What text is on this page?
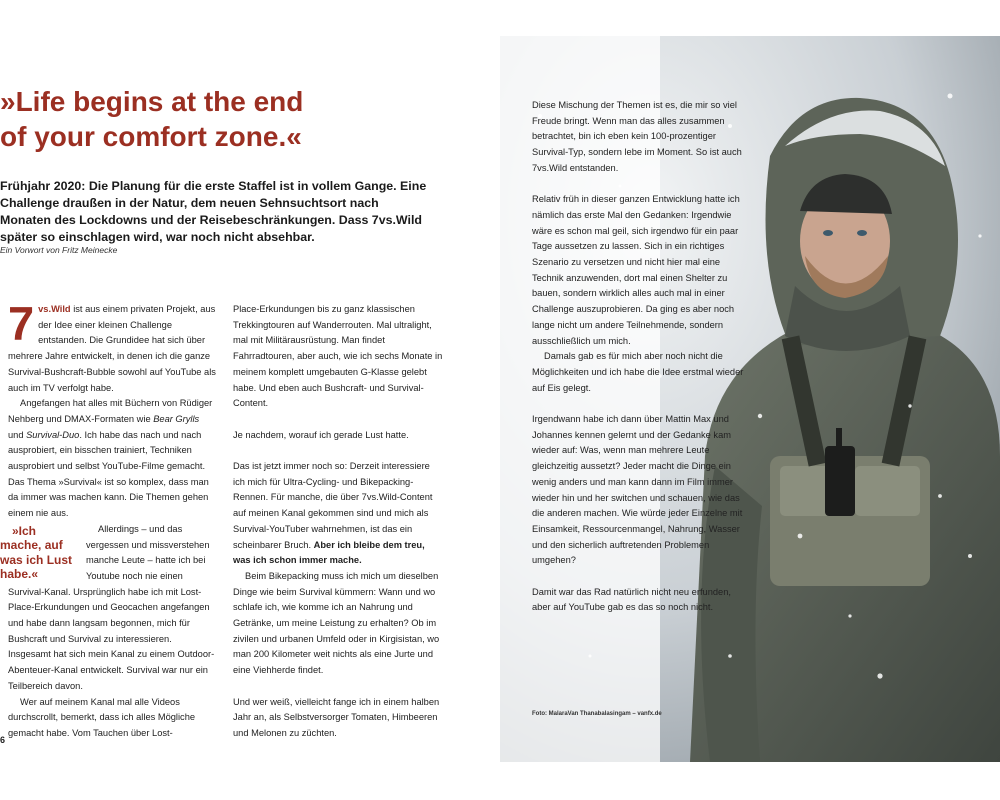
»Life begins at the end
of your comfort zone.«

Frühjahr 2020: Die Planung für die erste Staffel ist in vollem Gange. Eine Challenge draußen in der Natur, dem neuen Sehnsuchtsort nach Monaten des Lockdowns und der Reisebeschränkungen. Dass 7vs.Wild später so einschlagen wird, war noch nicht absehbar.

Ein Vorwort von Fritz Meinecke

7 vs.Wild ist aus einem privaten Projekt, aus der Idee einer kleinen Challenge entstanden. Die Grundidee hat sich über mehrere Jahre entwickelt, in denen ich die ganze Survival-Bushcraft-Bubble sowohl auf YouTube als auch im TV verfolgt habe.

Angefangen hat alles mit Büchern von Rüdiger Nehberg und DMAX-Formaten wie Bear Grylls und Survival-Duo. Ich habe das nach und nach ausprobiert, ein bisschen trainiert, Techniken ausprobiert und selbst YouTube-Filme gemacht. Das Thema »Survival« ist so komplex, dass man da immer was machen kann. Die Themen gehen einem nie aus.

»Ich mache, auf was ich Lust habe.«
Allerdings – und das vergessen und missverstehen manche Leute – hatte ich bei Youtube noch nie einen Survival-Kanal. Ursprünglich habe ich mit Lost-Place-Erkundungen und Geocachen angefangen und habe dann langsam begonnen, mich für Bushcraft und Survival zu interessieren. Insgesamt hat sich mein Kanal zu einem Outdoor-Abenteuer-Kanal entwickelt. Survival war nur ein Teilbereich davon.

Wer auf meinem Kanal mal alle Videos durchscrollt, bemerkt, dass ich alles Mögliche gemacht habe. Vom Tauchen über Lost-

Place-Erkundungen bis zu ganz klassischen Trekkingtouren auf Wanderrouten. Mal ultralight, mal mit Militärausrüstung. Man findet Fahrradtouren, aber auch, wie ich sechs Monate in meinem komplett umgebauten G-Klasse gelebt habe. Und eben auch Bushcraft- und Survival-Content.

Je nachdem, worauf ich gerade Lust hatte.

Das ist jetzt immer noch so: Derzeit interessiere ich mich für Ultra-Cycling- und Bikepacking-Rennen. Für manche, die über 7vs.Wild-Content auf meinen Kanal gekommen sind und mich als Survival-YouTuber wahrnehmen, ist das ein scheinbarer Bruch. Aber ich bleibe dem treu, was ich schon immer mache.

Beim Bikepacking muss ich mich um dieselben Dinge wie beim Survival kümmern: Wann und wo schlafe ich, wie komme ich an Nahrung und Getränke, um meine Leistung zu erhalten? Ob im zivilen und urbanen Umfeld oder in Kirgisistan, wo man 200 Kilometer weit nichts als eine Jurte und eine Viehherde findet.

Und wer weiß, vielleicht fange ich in einem halben Jahr an, als Selbstversorger Tomaten, Himbeeren und Melonen zu züchten.

Diese Mischung der Themen ist es, die mir so viel Freude bringt. Wenn man das alles zusammen betrachtet, bin ich eben kein 100-prozentiger Survival-Typ, sondern lebe im Moment. So ist auch 7vs.Wild entstanden.

Relativ früh in dieser ganzen Entwicklung hatte ich nämlich das erste Mal den Gedanken: Irgendwie wäre es schon mal geil, sich irgendwo für ein paar Tage aussetzen zu lassen. Sich in ein richtiges Szenario zu versetzen und nicht hier mal eine Technik anzuwenden, dort mal einen Shelter zu bauen, sondern wirklich alles auch mal in einer Challenge auszuprobieren. Da ging es aber noch lange nicht um andere Teilnehmende, sondern ausschließlich um mich.

Damals gab es für mich aber noch nicht die Möglichkeiten und ich habe die Idee erstmal wieder auf Eis gelegt.

Irgendwann habe ich dann über Mattin Max und Johannes kennen gelernt und der Gedanke kam wieder auf: Was, wenn man mehrere Leute gleichzeitig aussetzt? Jeder macht die Dinge ein wenig anders und man kann dann im Film immer wieder hin und her switchen und schauen, wie das die anderen machen. Wie würde jeder Einzelne mit Einsamkeit, Ressourcenmangel, Nahrung, Wasser und den sicherlich auftretenden Problemen umgehen?

Damit war das Rad natürlich nicht neu erfunden, aber auf YouTube gab es das so noch nicht.

Foto: MalaraVan Thanabalasingam – vanfx.de
6
